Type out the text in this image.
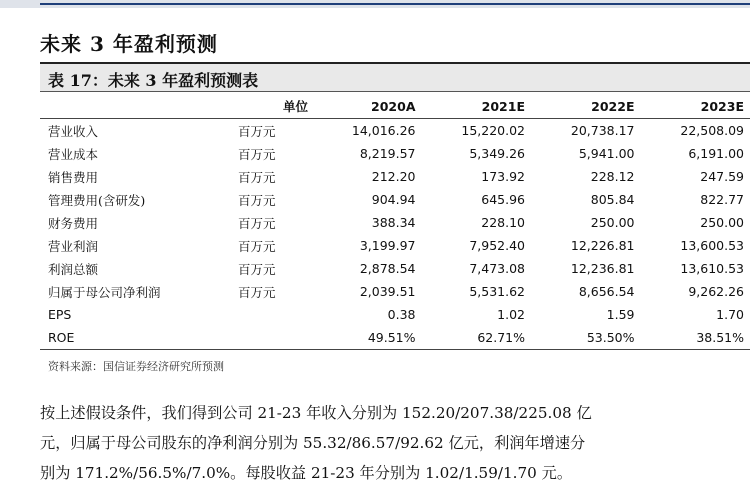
未来 3 年盈利预测
表 17：未来 3 年盈利预测表
	单位	2020A	2021E	2022E	2023E
营业收入	百万元	14,016.26	15,220.02	20,738.17	22,508.09
营业成本	百万元	8,219.57	5,349.26	5,941.00	6,191.00
销售费用	百万元	212.20	173.92	228.12	247.59
管理费用(含研发)	百万元	904.94	645.96	805.84	822.77
财务费用	百万元	388.34	228.10	250.00	250.00
营业利润	百万元	3,199.97	7,952.40	12,226.81	13,600.53
利润总额	百万元	2,878.54	7,473.08	12,236.81	13,610.53
归属于母公司净利润	百万元	2,039.51	5,531.62	8,656.54	9,262.26
EPS		0.38	1.02	1.59	1.70
ROE		49.51%	62.71%	53.50%	38.51%
资料来源：国信证券经济研究所预测
按上述假设条件，我们得到公司 21-23 年收入分别为 152.20/207.38/225.08 亿
元，归属于母公司股东的净利润分别为 55.32/86.57/92.62 亿元，利润年增速分
别为 171.2%/56.5%/7.0%。每股收益 21-23 年分别为 1.02/1.59/1.70 元。
